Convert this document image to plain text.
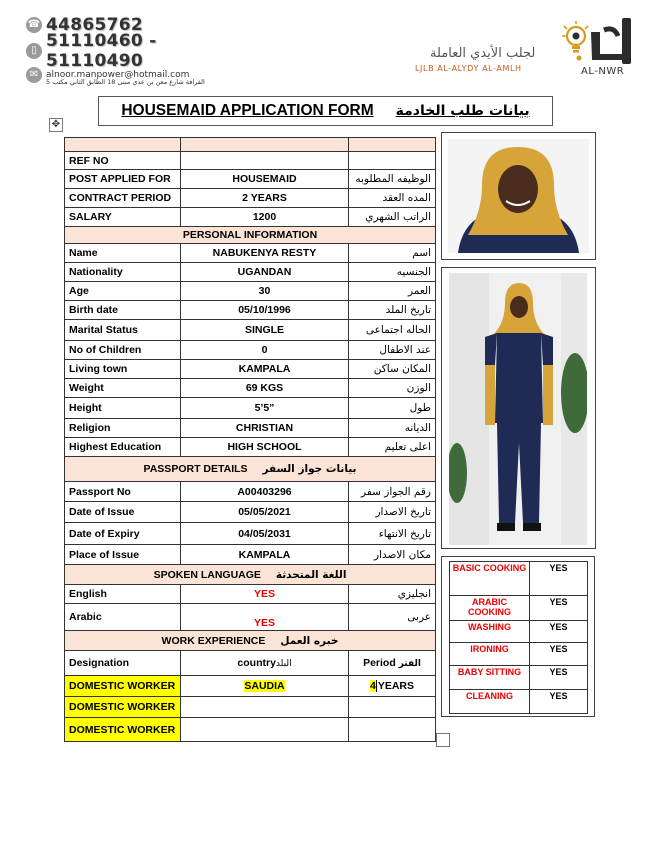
☎ 44865762
▯ 51110460 - 51110490
✉ alnoor.manpower@hotmail.com
الفرافة شارع معن بن عدي مبنى 18 الطابق الثاني مكتب 5
لجلب الأيدي العاملة
LJLB AL-ALYDY AL-AMLH	AL-NWR
HOUSEMAID APPLICATION FORM بيانات طلب الخادمة
✥

REF NO		
POST APPLIED FOR	HOUSEMAID	الوظيفه المطلوبه
CONTRACT PERIOD	2 YEARS	المده العقد
SALARY	1200	الراتب الشهري
PERSONAL INFORMATION		
Name	NABUKENYA RESTY	اسم
Nationality	UGANDAN	الجنسيه
Age	30	العمر
Birth date	05/10/1996	تاريخ الملد
Marital Status	SINGLE	الحاله اجتماعى
No of Children	0	عند الاطفال
Living town	KAMPALA	المكان ساكن
Weight	69 KGS	الوزن
Height	5’5”	طول
Religion	CHRISTIAN	الديانه
Highest Education	HIGH SCHOOL	اعلى تعليم
PASSPORT DETAILS بيانات جواز السفر		
Passport No	A00403296	رقم الجواز سفر
Date of Issue	05/05/2021	تاريخ الاصدار
Date of Expiry	04/05/2031	تاريخ الانتهاء
Place of Issue	KAMPALA	مكان الاصدار
SPOKEN LANGUAGE اللغة المتحدثة		
English	YES	انجليزي
Arabic	YES	عربى
WORK EXPERIENCE خبره العمل		
Designation	countryالبلد	Period الفتر
DOMESTIC WORKER	SAUDIA	4 YEARS
DOMESTIC WORKER		
DOMESTIC WORKER		
BASIC COOKING	YES
ARABIC COOKING	YES
WASHING	YES
IRONING	YES
BABY SITTING	YES
CLEANING	YES
